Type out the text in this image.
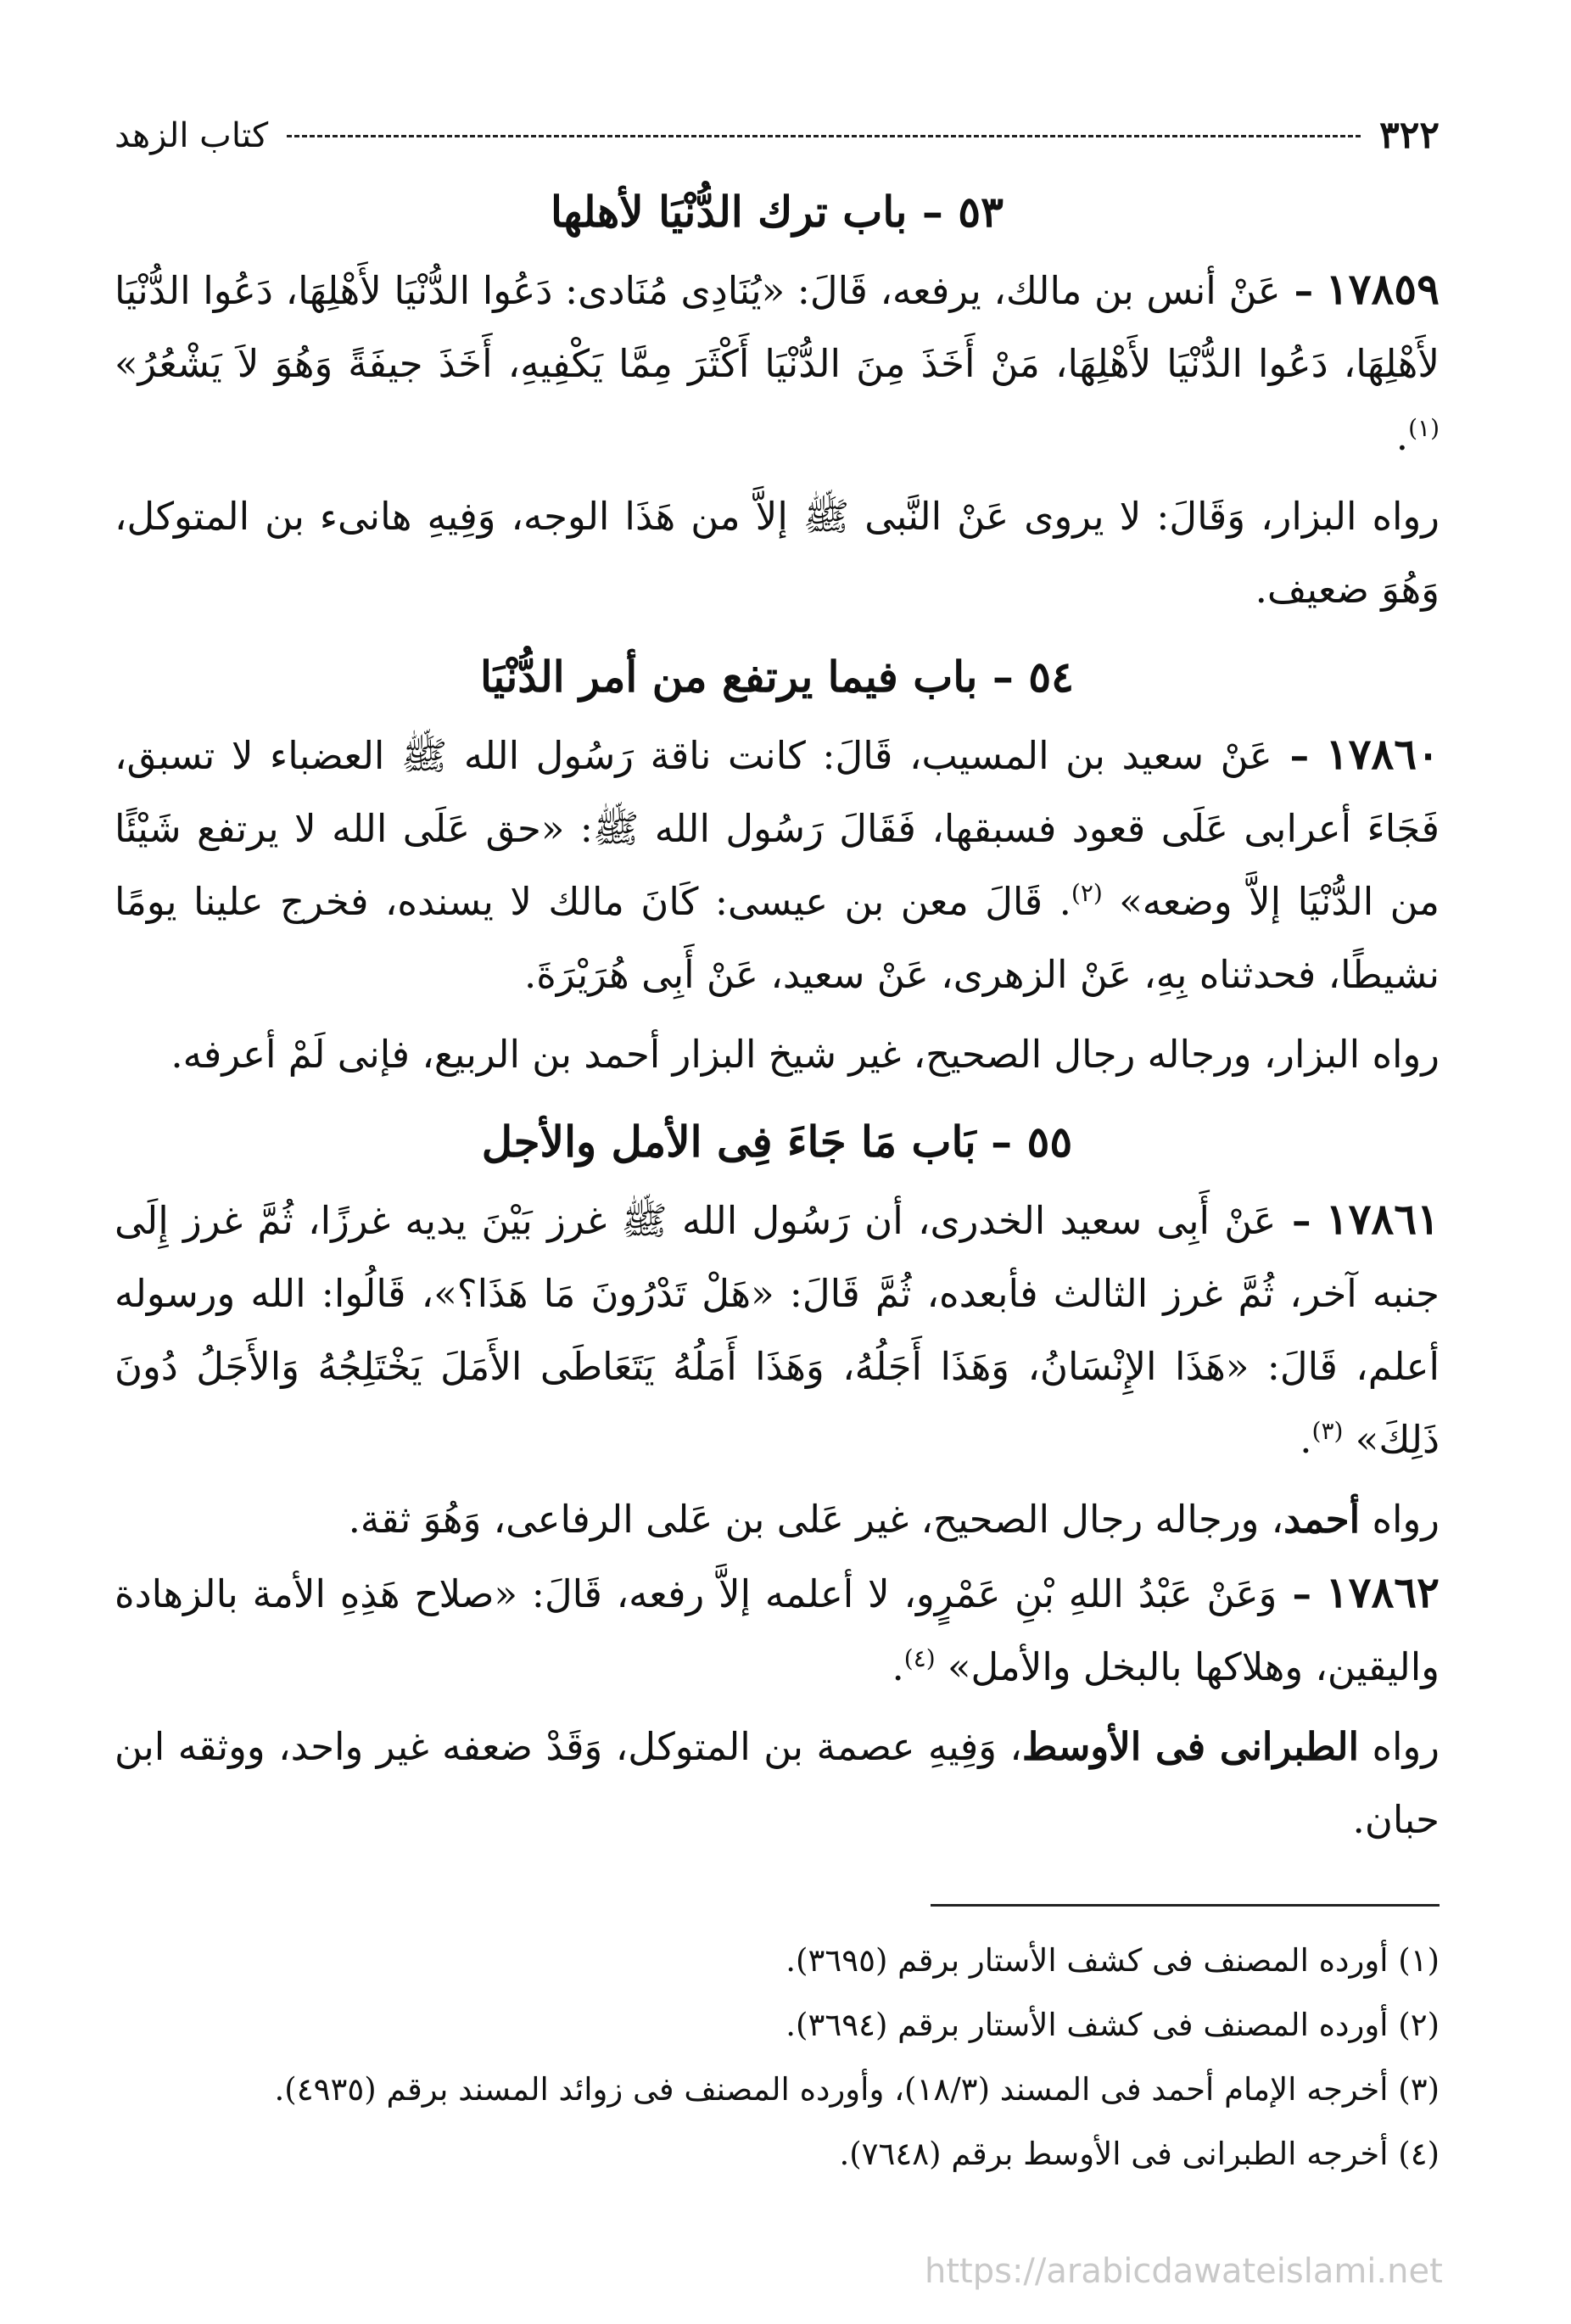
٣٢٢
كتاب الزهد
٥٣ – باب ترك الدُّنْيَا لأهلها

١٧٨٥٩ – عَنْ أنس بن مالك، يرفعه، قَالَ: «يُنَادِى مُنَادى: دَعُوا الدُّنْيَا لأَهْلِهَا، دَعُوا الدُّنْيَا لأَهْلِهَا، دَعُوا الدُّنْيَا لأَهْلِهَا، مَنْ أَخَذَ مِنَ الدُّنْيَا أَكْثَرَ مِمَّا يَكْفِيهِ، أَخَذَ جيفَةً وَهُوَ لاَ يَشْعُرُ» $^{(١)}$.

رواه البزار، وَقَالَ: لا يروى عَنْ النَّبى ﷺ إلاَّ من هَذَا الوجه، وَفِيهِ هانىء بن المتوكل، وَهُوَ ضعيف.

٥٤ – باب فيما يرتفع من أمر الدُّنْيَا

١٧٨٦٠ – عَنْ سعيد بن المسيب، قَالَ: كانت ناقة رَسُول الله ﷺ العضباء لا تسبق، فَجَاءَ أعرابى عَلَى قعود فسبقها، فَقَالَ رَسُول الله ﷺ: «حق عَلَى الله لا يرتفع شَيْئًا من الدُّنْيَا إلاَّ وضعه» $^{(٢)}$. قَالَ معن بن عيسى: كَانَ مالك لا يسنده، فخرج علينا يومًا نشيطًا، فحدثناه بِهِ، عَنْ الزهرى، عَنْ سعيد، عَنْ أَبِى هُرَيْرَةَ.

رواه البزار، ورجاله رجال الصحيح، غير شيخ البزار أحمد بن الربيع، فإنى لَمْ أعرفه.

٥٥ – بَاب مَا جَاءَ فِى الأمل والأجل

١٧٨٦١ – عَنْ أَبِى سعيد الخدرى، أن رَسُول الله ﷺ غرز بَيْنَ يديه غرزًا، ثُمَّ غرز إِلَى جنبه آخر، ثُمَّ غرز الثالث فأبعده، ثُمَّ قَالَ: «هَلْ تَدْرُونَ مَا هَذَا؟»، قَالُوا: الله ورسوله أعلم، قَالَ: «هَذَا الإِنْسَانُ، وَهَذَا أَجَلُهُ، وَهَذَا أَمَلُهُ يَتَعَاطَى الأَمَلَ يَخْتَلِجُهُ وَالأَجَلُ دُونَ ذَلِكَ» $^{(٣)}$.

رواه أحمد، ورجاله رجال الصحيح، غير عَلى بن عَلى الرفاعى، وَهُوَ ثقة.

١٧٨٦٢ – وَعَنْ عَبْدُ اللهِ بْنِ عَمْرٍو، لا أعلمه إلاَّ رفعه، قَالَ: «صلاح هَذِهِ الأمة بالزهادة واليقين، وهلاكها بالبخل والأمل» $^{(٤)}$.

رواه الطبرانى فى الأوسط، وَفِيهِ عصمة بن المتوكل، وَقَدْ ضعفه غير واحد، ووثقه ابن حبان.

(١) أورده المصنف فى كشف الأستار برقم (٣٦٩٥).

(٢) أورده المصنف فى كشف الأستار برقم (٣٦٩٤).

(٣) أخرجه الإمام أحمد فى المسند (١٨/٣)، وأورده المصنف فى زوائد المسند برقم (٤٩٣٥).

(٤) أخرجه الطبرانى فى الأوسط برقم (٧٦٤٨).

https://arabicdawateislami.net
